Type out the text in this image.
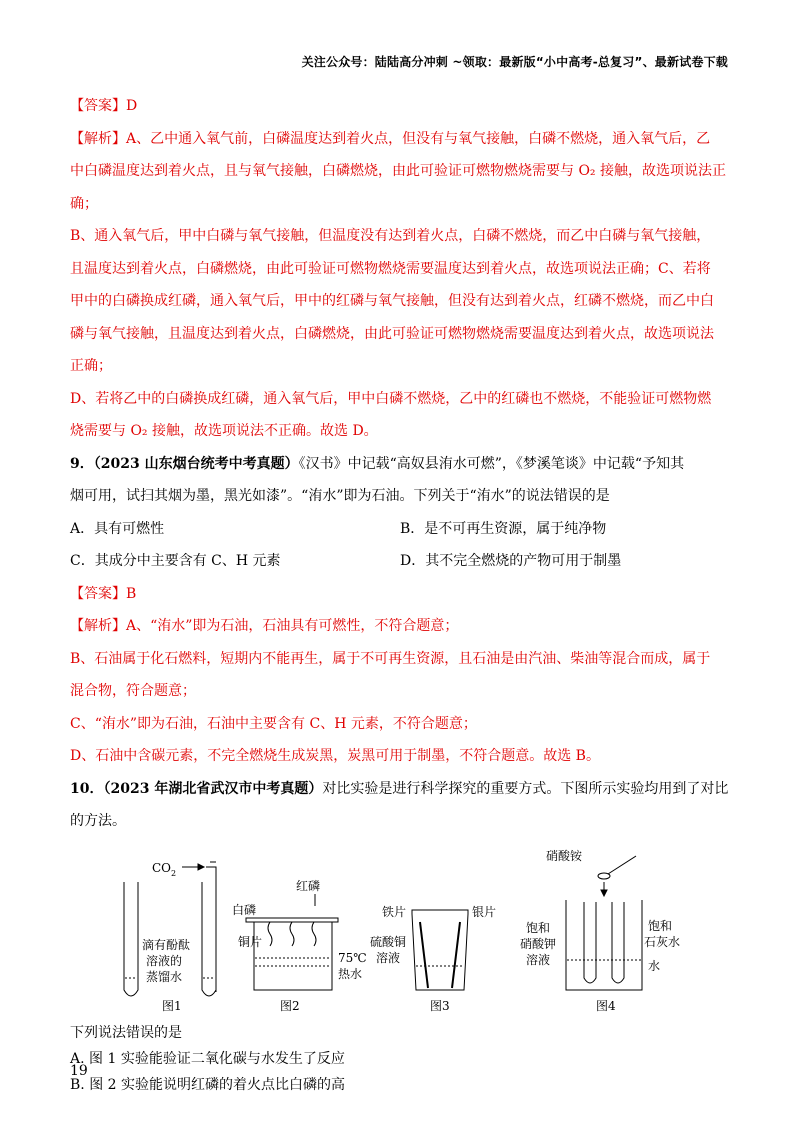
关注公众号：陆陆高分冲刺 ~领取：最新版“小中高考-总复习”、最新试卷下载

【答案】D

【解析】A、乙中通入氧气前，白磷温度达到着火点，但没有与氧气接触，白磷不燃烧，通入氧气后，乙

中白磷温度达到着火点，且与氧气接触，白磷燃烧，由此可验证可燃物燃烧需要与 O₂ 接触，故选项说法正

确；

B、通入氧气后，甲中白磷与氧气接触，但温度没有达到着火点，白磷不燃烧，而乙中白磷与氧气接触，

且温度达到着火点，白磷燃烧，由此可验证可燃物燃烧需要温度达到着火点，故选项说法正确；C、若将

甲中的白磷换成红磷，通入氧气后，甲中的红磷与氧气接触，但没有达到着火点，红磷不燃烧，而乙中白

磷与氧气接触，且温度达到着火点，白磷燃烧，由此可验证可燃物燃烧需要温度达到着火点，故选项说法

正确；

D、若将乙中的白磷换成红磷，通入氧气后，甲中白磷不燃烧，乙中的红磷也不燃烧，不能验证可燃物燃

烧需要与 O₂ 接触，故选项说法不正确。故选 D。

9．（2023 山东烟台统考中考真题）《汉书》中记载“高奴县洧水可燃”，《梦溪笔谈》中记载“予知其

烟可用，试扫其烟为墨，黑光如漆”。“洧水”即为石油。下列关于“洧水”的说法错误的是

A．具有可燃性	B．是不可再生资源，属于纯净物
C．其成分中主要含有 C、H 元素	D．其不完全燃烧的产物可用于制墨

【答案】B

【解析】A、“洧水”即为石油，石油具有可燃性，不符合题意；

B、石油属于化石燃料，短期内不能再生，属于不可再生资源，且石油是由汽油、柴油等混合而成，属于

混合物，符合题意；

C、“洧水”即为石油，石油中主要含有 C、H 元素，不符合题意；

D、石油中含碳元素，不完全燃烧生成炭黑，炭黑可用于制墨，不符合题意。故选 B。

10．（2023 年湖北省武汉市中考真题）对比实验是进行科学探究的重要方式。下图所示实验均用到了对比

的方法。

$CO_2$
滴有酚酞
溶液的
蒸馏水
图1
红磷
白磷
铜片
75℃
热水
图2
铁片	银片
硫酸铜
溶液
图3
硝酸铵
饱和
硝酸钾
溶液
饱和
石灰水
水
图4

下列说法错误的是

A. 图 1 实验能验证二氧化碳与水发生了反应

B. 图 2 实验能说明红磷的着火点比白磷的高

19
